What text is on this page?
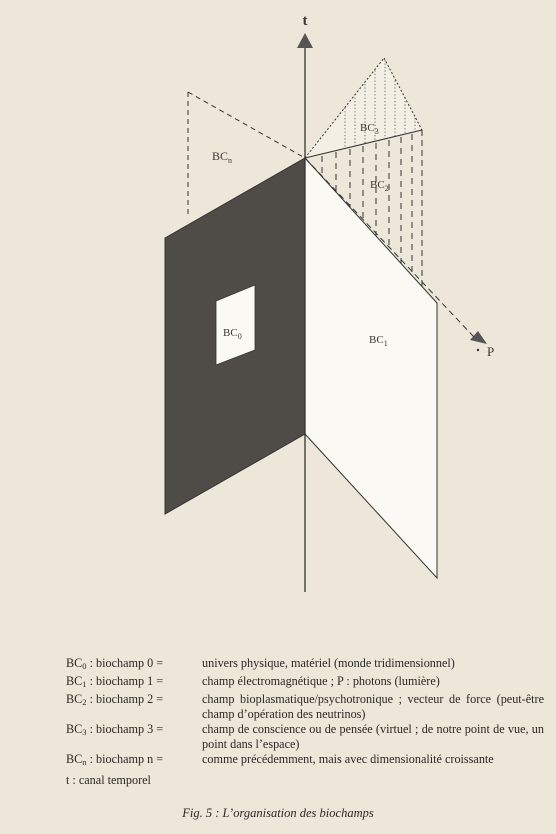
t
P
$BC_n$
$BC_3$
$BC_2$
$BC_0$	$BC_1$
$BC_0$ : biochamp 0 =	univers physique, matériel (monde tridimensionnel)
$BC_1$ : biochamp 1 =	champ électromagnétique ; P : photons (lumière)
$BC_2$ : biochamp 2 =	champ bioplasmatique/psychotronique ; vecteur de force (peut-être champ d’opération des neutrinos)
$BC_3$ : biochamp 3 =	champ de conscience ou de pensée (virtuel ; de notre point de vue, un point dans l’espace)
$BC_n$ : biochamp n =	comme précédemment, mais avec dimensionalité croissante
t : canal temporel
Fig. 5 : L’organisation des biochamps
